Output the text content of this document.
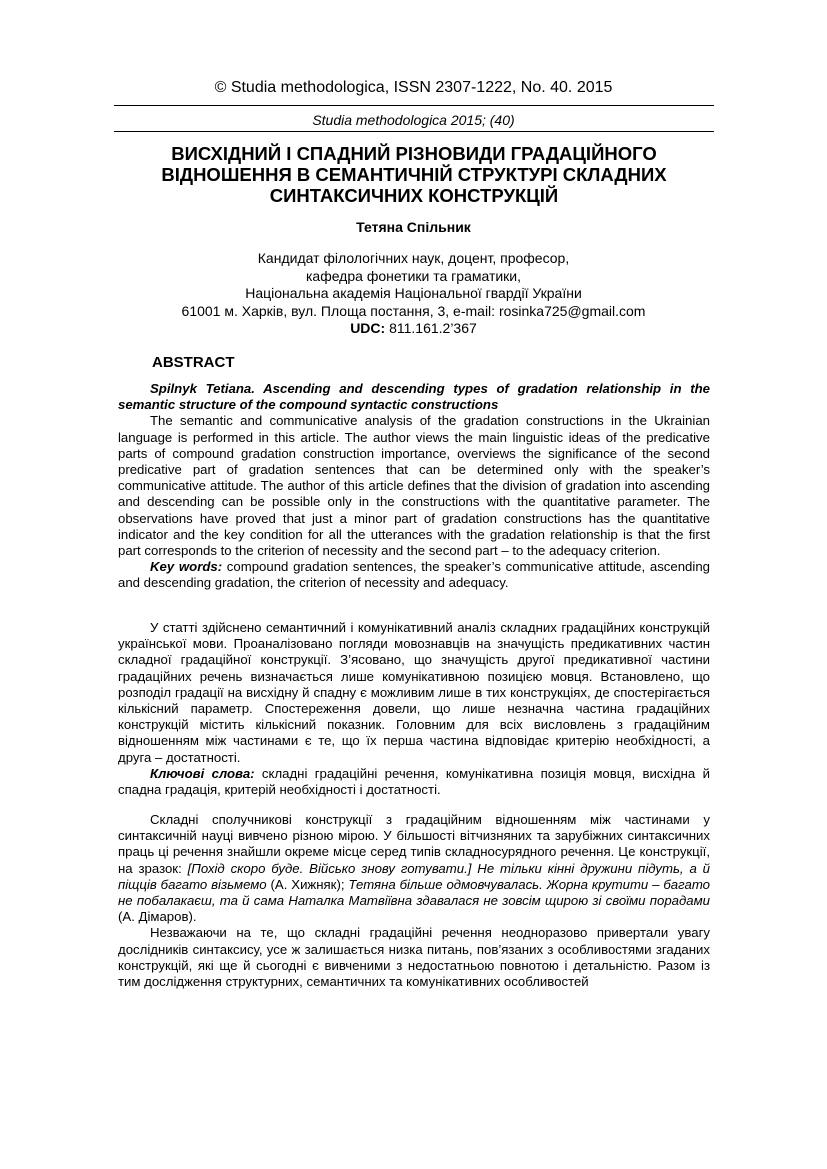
© Studia methodologica, ISSN 2307-1222, No. 40. 2015
Studia methodologica 2015; (40)
ВИСХІДНИЙ І СПАДНИЙ РІЗНОВИДИ ГРАДАЦІЙНОГО
ВІДНОШЕННЯ В СЕМАНТИЧНІЙ СТРУКТУРІ СКЛАДНИХ
СИНТАКСИЧНИХ КОНСТРУКЦІЙ
Тетяна Спільник
Кандидат філологічних наук, доцент, професор,
кафедра фонетики та граматики,
Національна академія Національної гвардії України
61001 м. Харків, вул. Площа постання, 3, e-mail: rosinka725@gmail.com
UDC: 811.161.2’367
ABSTRACT

Spilnyk Tetiana. Ascending and descending types of gradation relationship in the semantic structure of the compound syntactic constructions

The semantic and communicative analysis of the gradation constructions in the Ukrainian language is performed in this article. The author views the main linguistic ideas of the predicative parts of compound gradation construction importance, overviews the significance of the second predicative part of gradation sentences that can be determined only with the speaker’s communicative attitude. The author of this article defines that the division of gradation into ascending and descending can be possible only in the constructions with the quantitative parameter. The observations have proved that just a minor part of gradation constructions has the quantitative indicator and the key condition for all the utterances with the gradation relationship is that the first part corresponds to the criterion of necessity and the second part – to the adequacy criterion.

Key words: compound gradation sentences, the speaker’s communicative attitude, ascending and descending gradation, the criterion of necessity and adequacy.

У статті здійснено семантичний і комунікативний аналіз складних градаційних конструкцій української мови. Проаналізовано погляди мовознавців на значущість предикативних частин складної градаційної конструкції. З’ясовано, що значущість другої предикативної частини градаційних речень визначається лише комунікативною позицією мовця. Встановлено, що розподіл градації на висхідну й спадну є можливим лише в тих конструкціях, де спостерігається кількісний параметр. Спостереження довели, що лише незначна частина градаційних конструкцій містить кількісний показник. Головним для всіх висловлень з градаційним відношенням між частинами є те, що їх перша частина відповідає критерію необхідності, а друга – достатності.

Ключові слова: складні градаційні речення, комунікативна позиція мовця, висхідна й спадна градація, критерій необхідності і достатності.

Складні сполучникові конструкції з градаційним відношенням між частинами у синтаксичній науці вивчено різною мірою. У більшості вітчизняних та зарубіжних синтаксичних праць ці речення знайшли окреме місце серед типів складносурядного речення. Це конструкції, на зразок: [Похід скоро буде. Військо знову готувати.] Не тільки кінні дружини підуть, а й піщців багато візьмемо (А. Хижняк); Тетяна більше одмовчувалась. Жорна крутити – багато не побалакаєш, та й сама Наталка Матвіївна здавалася не зовсім щирою зі своїми порадами (А. Дімаров).

Незважаючи на те, що складні градаційні речення неодноразово привертали увагу дослідників синтаксису, усе ж залишається низка питань, пов’язаних з особливостями згаданих конструкцій, які ще й сьогодні є вивченими з недостатньою повнотою і детальністю. Разом із тим дослідження структурних, семантичних та комунікативних особливостей
